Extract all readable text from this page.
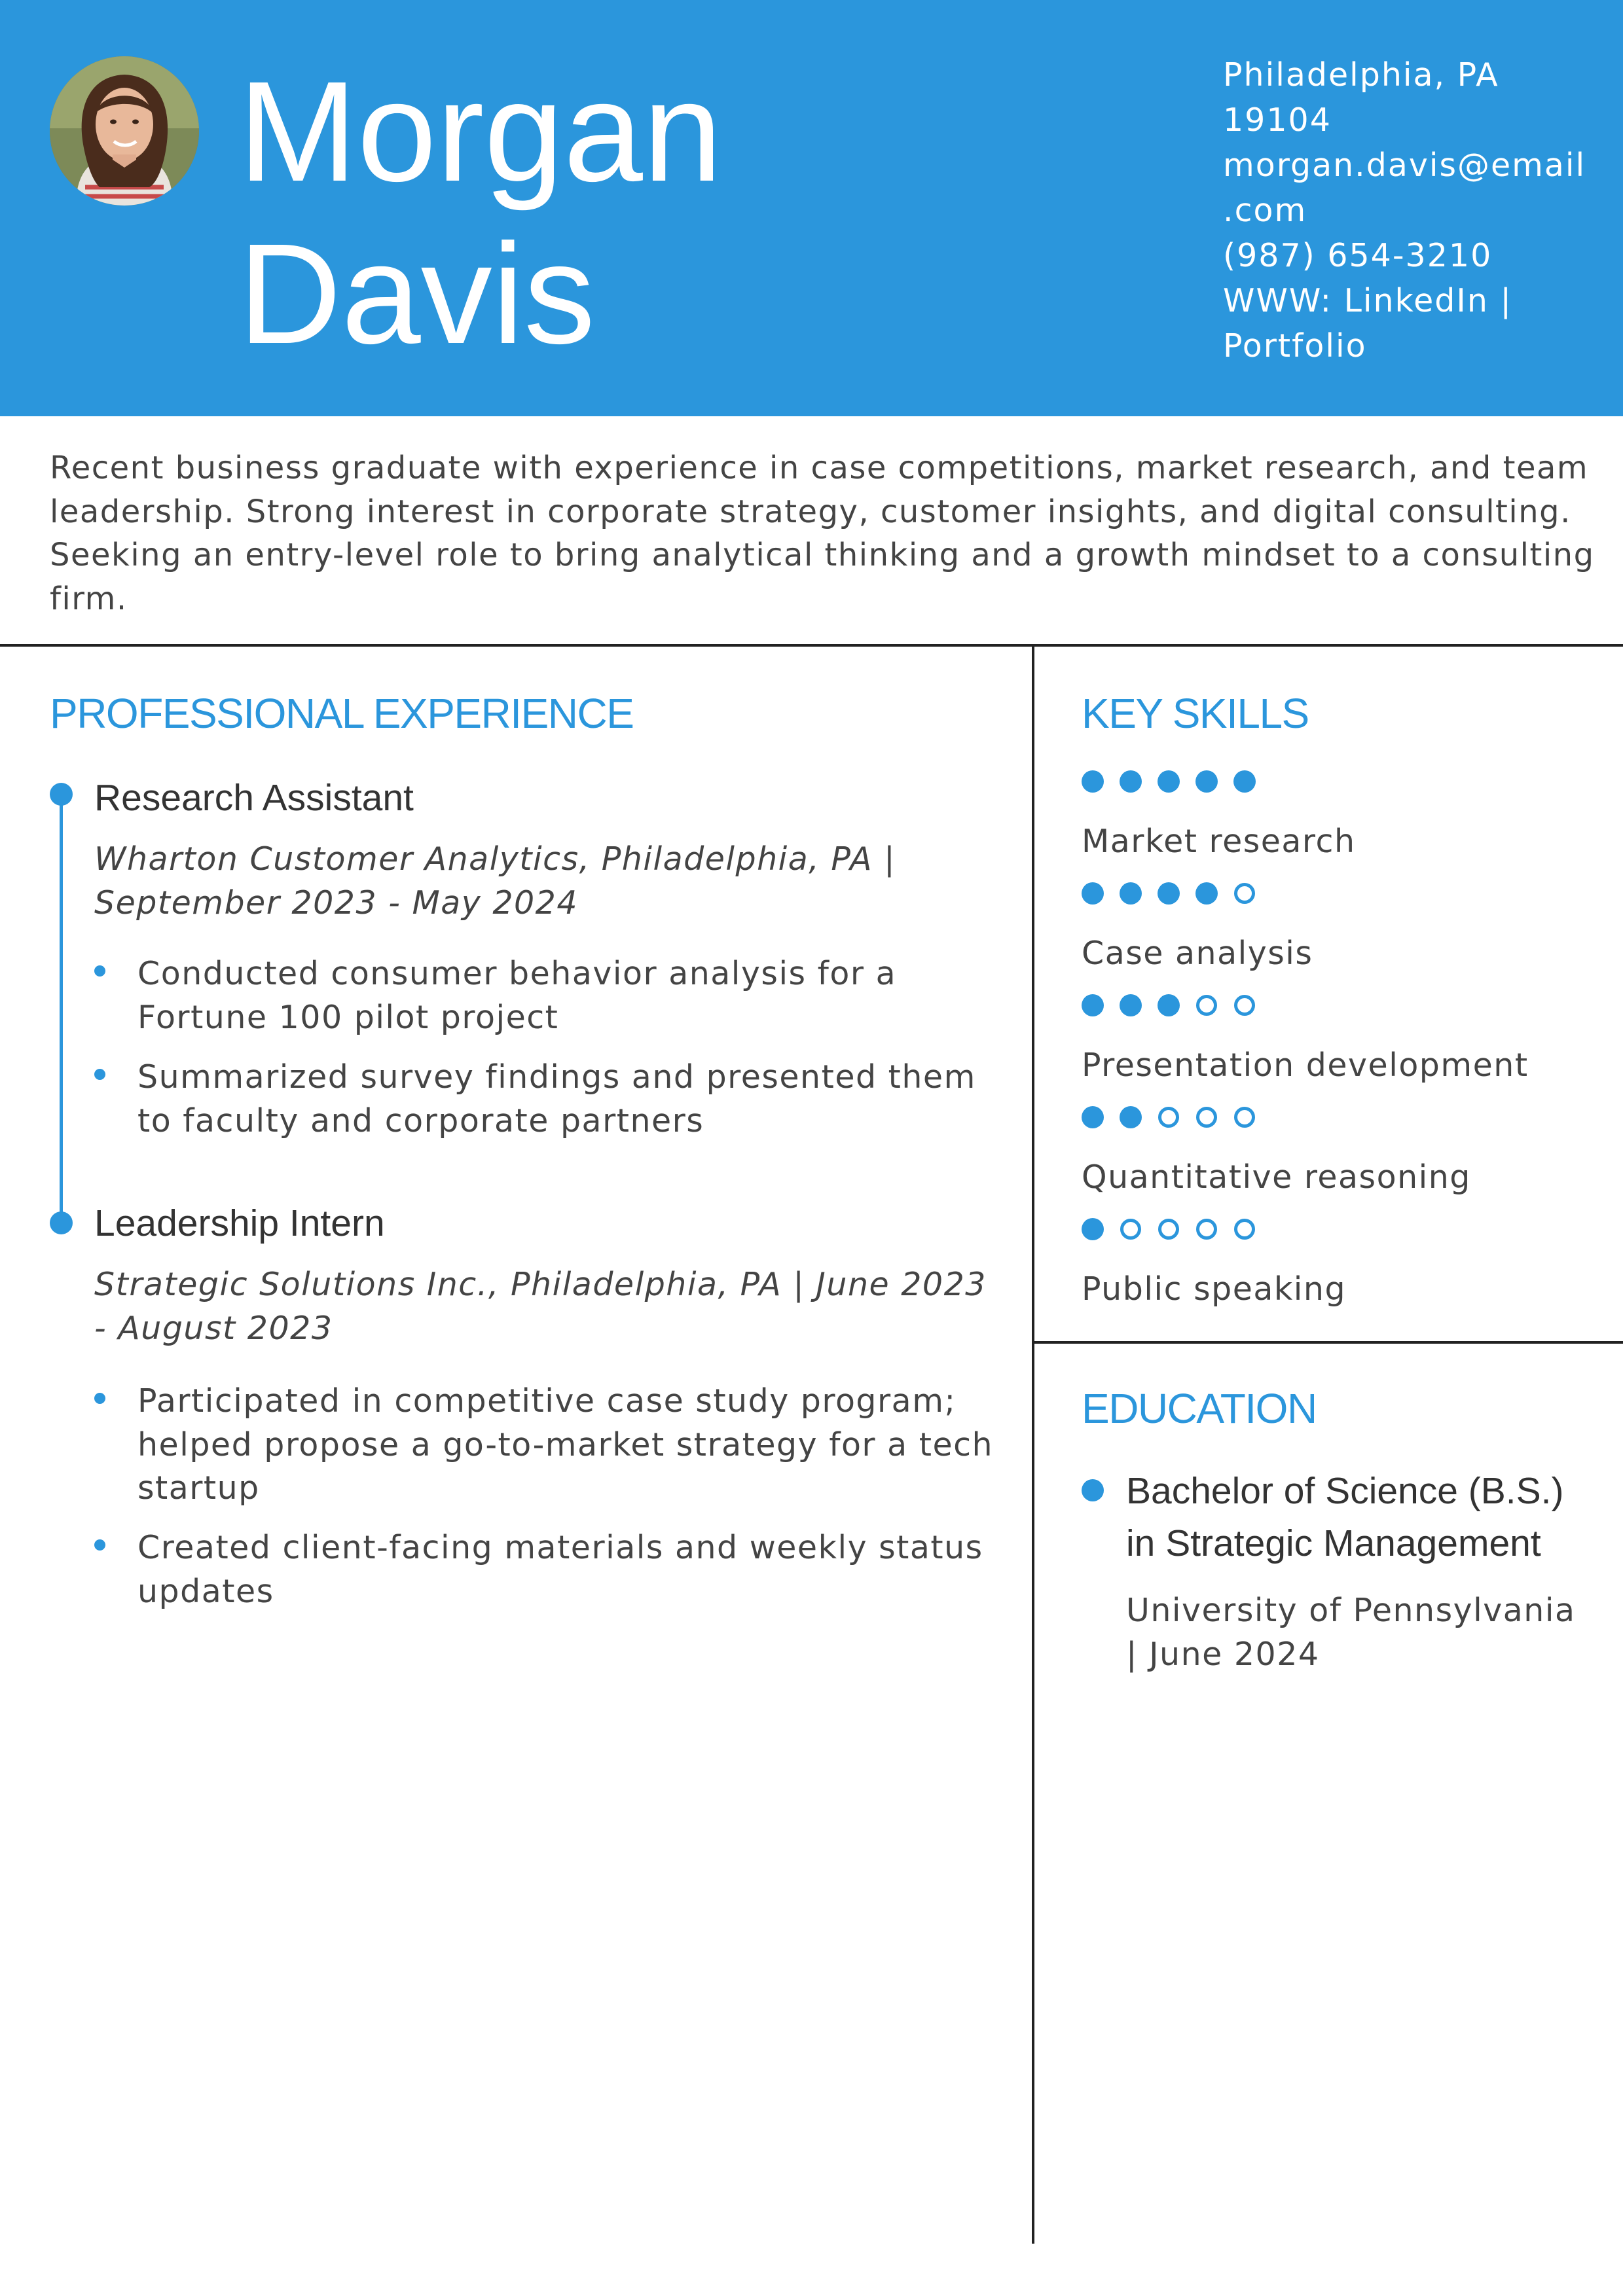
Morgan
Davis
Philadelphia, PA
19104
morgan.davis@email
.com
(987) 654-3210
WWW: LinkedIn |
Portfolio
Recent business graduate with experience in case competitions, market research, and team
leadership. Strong interest in corporate strategy, customer insights, and digital consulting.
Seeking an entry-level role to bring analytical thinking and a growth mindset to a consulting
firm.
PROFESSIONAL EXPERIENCE
Research Assistant
Wharton Customer Analytics, Philadelphia, PA |
September 2023 - May 2024
Conducted consumer behavior analysis for a
Fortune 100 pilot project
Summarized survey findings and presented them
to faculty and corporate partners
Leadership Intern
Strategic Solutions Inc., Philadelphia, PA | June 2023
- August 2023
Participated in competitive case study program;
helped propose a go-to-market strategy for a tech
startup
Created client-facing materials and weekly status
updates
KEY SKILLS
Market research
Case analysis
Presentation development
Quantitative reasoning
Public speaking
EDUCATION
Bachelor of Science (B.S.)
in Strategic Management
University of Pennsylvania
| June 2024
